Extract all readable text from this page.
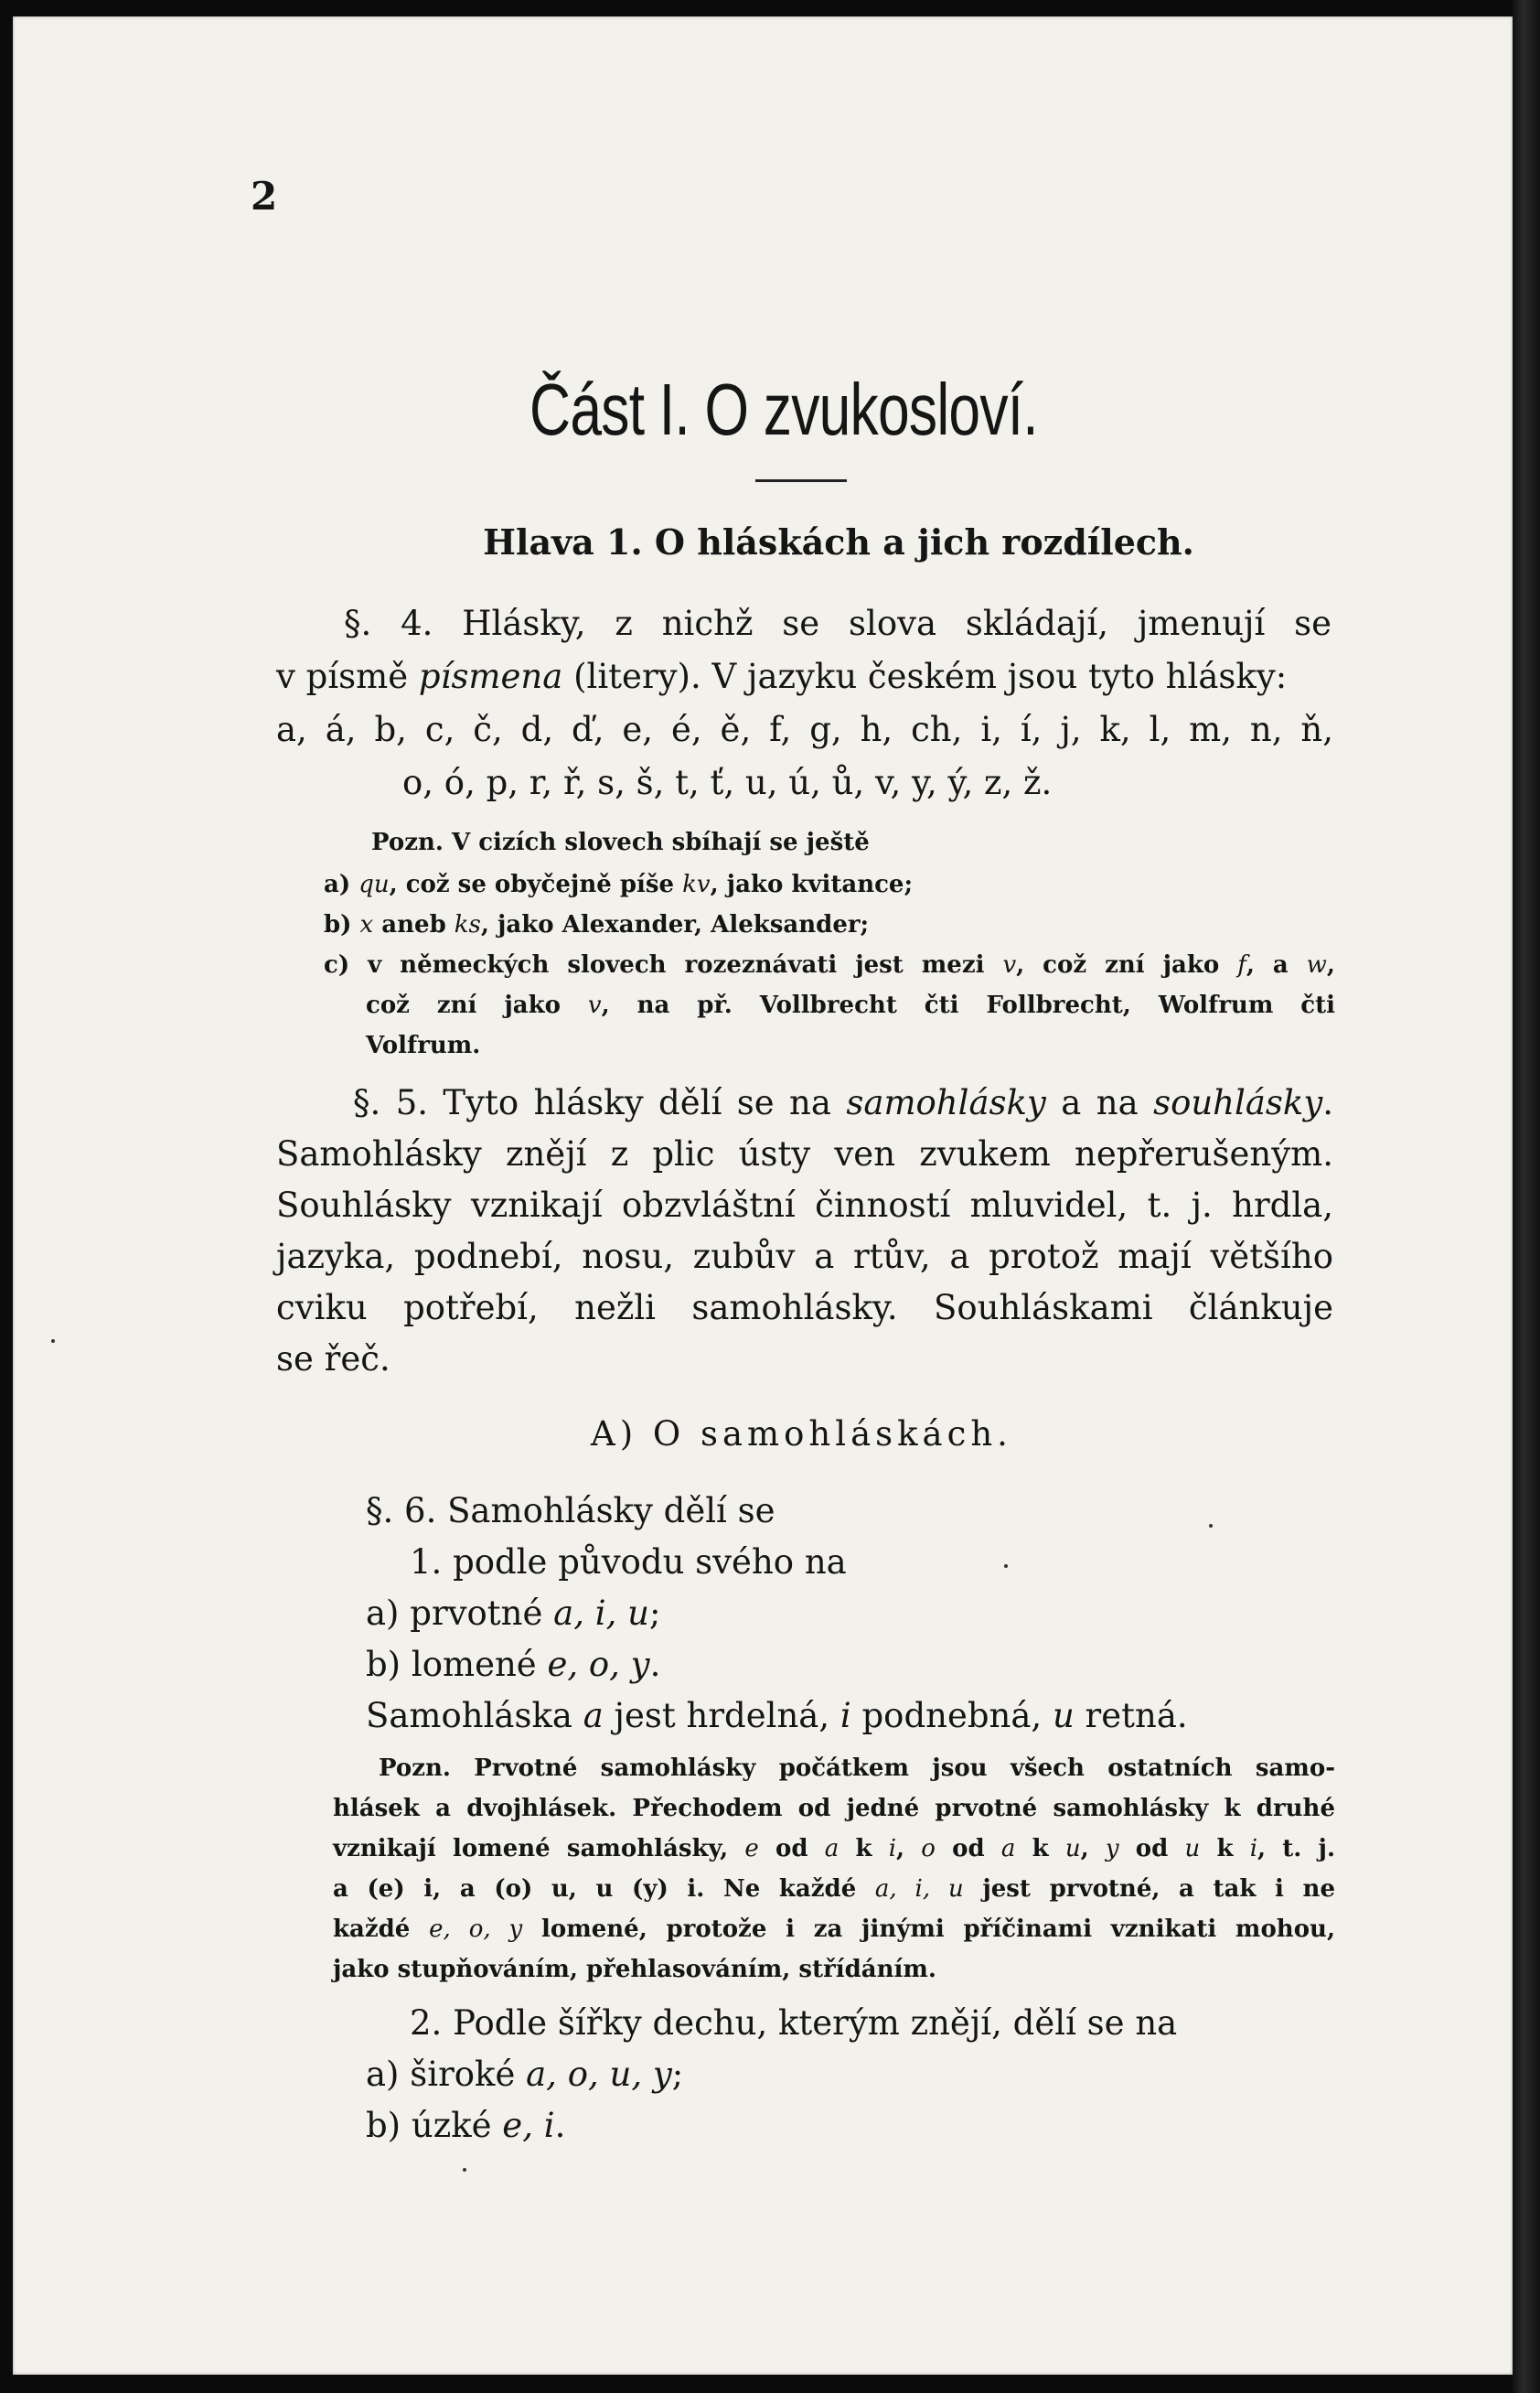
2
Část I. O zvukosloví.
Hlava 1. O hláskách a jich rozdílech.
§. 4. Hlásky, z nichž se slova skládají, jmenují se
v písmě písmena (litery). V jazyku českém jsou tyto hlásky:
a, á, b, c, č, d, ď, e, é, ě, f, g, h, ch, i, í, j, k, l, m, n, ň,
o, ó, p, r, ř, s, š, t, ť, u, ú, ů, v, y, ý, z, ž.
Pozn. V cizích slovech sbíhají se ještě
a) qu, což se obyčejně píše kv, jako kvitance;
b) x aneb ks, jako Alexander, Aleksander;
c) v německých slovech rozeznávati jest mezi v, což zní jako f, a w,
což zní jako v, na př. Vollbrecht čti Follbrecht, Wolfrum čti
Volfrum.
§. 5. Tyto hlásky dělí se na samohlásky a na souhlásky.
Samohlásky znějí z plic ústy ven zvukem nepřerušeným.
Souhlásky vznikají obzvláštní činností mluvidel, t. j. hrdla,
jazyka, podnebí, nosu, zubův a rtův, a protož mají většího
cviku potřebí, nežli samohlásky. Souhláskami článkuje
se řeč.
A) O samohláskách.
§. 6. Samohlásky dělí se
1. podle původu svého na
a) prvotné a, i, u;
b) lomené e, o, y.
Samohláska a jest hrdelná, i podnebná, u retná.
Pozn. Prvotné samohlásky počátkem jsou všech ostatních samo-
hlásek a dvojhlásek. Přechodem od jedné prvotné samohlásky k druhé
vznikají lomené samohlásky, e od a k i, o od a k u, y od u k i, t. j.
a (e) i, a (o) u, u (y) i. Ne každé a, i, u jest prvotné, a tak i ne
každé e, o, y lomené, protože i za jinými příčinami vznikati mohou,
jako stupňováním, přehlasováním, střídáním.
2. Podle šířky dechu, kterým znějí, dělí se na
a) široké a, o, u, y;
b) úzké e, i.
